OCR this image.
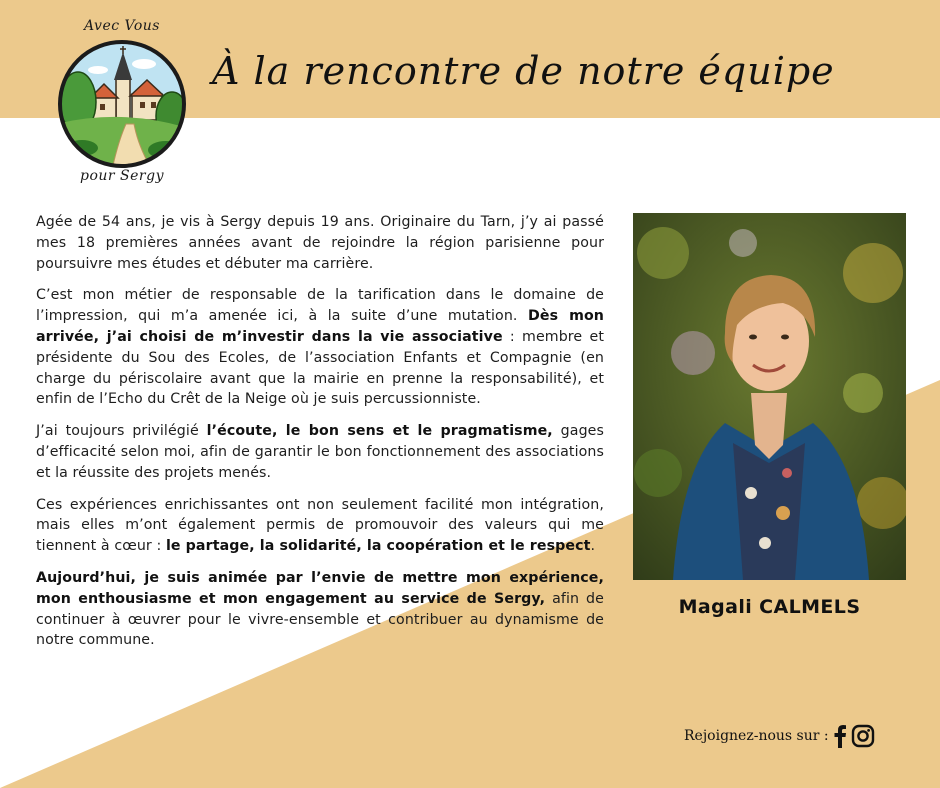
Avec Vous
pour Sergy
À la rencontre de notre équipe

Agée de 54 ans, je vis à Sergy depuis 19 ans. Originaire du Tarn, j’y ai passé mes 18 premières années avant de rejoindre la région parisienne pour poursuivre mes études et débuter ma carrière.

C’est mon métier de responsable de la tarification dans le domaine de l’impression, qui m’a amenée ici, à la suite d’une mutation. Dès mon arrivée, j’ai choisi de m’investir dans la vie associative : membre et présidente du Sou des Ecoles, de l’association Enfants et Compagnie (en charge du périscolaire avant que la mairie en prenne la responsabilité), et enfin de l’Echo du Crêt de la Neige où je suis percussionniste.

J’ai toujours privilégié l’écoute, le bon sens et le pragmatisme, gages d’efficacité selon moi, afin de garantir le bon fonctionnement des associations et la réussite des projets menés.

Ces expériences enrichissantes ont non seulement facilité mon intégration, mais elles m’ont également permis de promouvoir des valeurs qui me tiennent à cœur : le partage, la solidarité, la coopération et le respect.

Aujourd’hui, je suis animée par l’envie de mettre mon expérience, mon enthousiasme et mon engagement au service de Sergy, afin de continuer à œuvrer pour le vivre-ensemble et contribuer au dynamisme de notre commune.

Magali CALMELS
Rejoignez-nous sur :
